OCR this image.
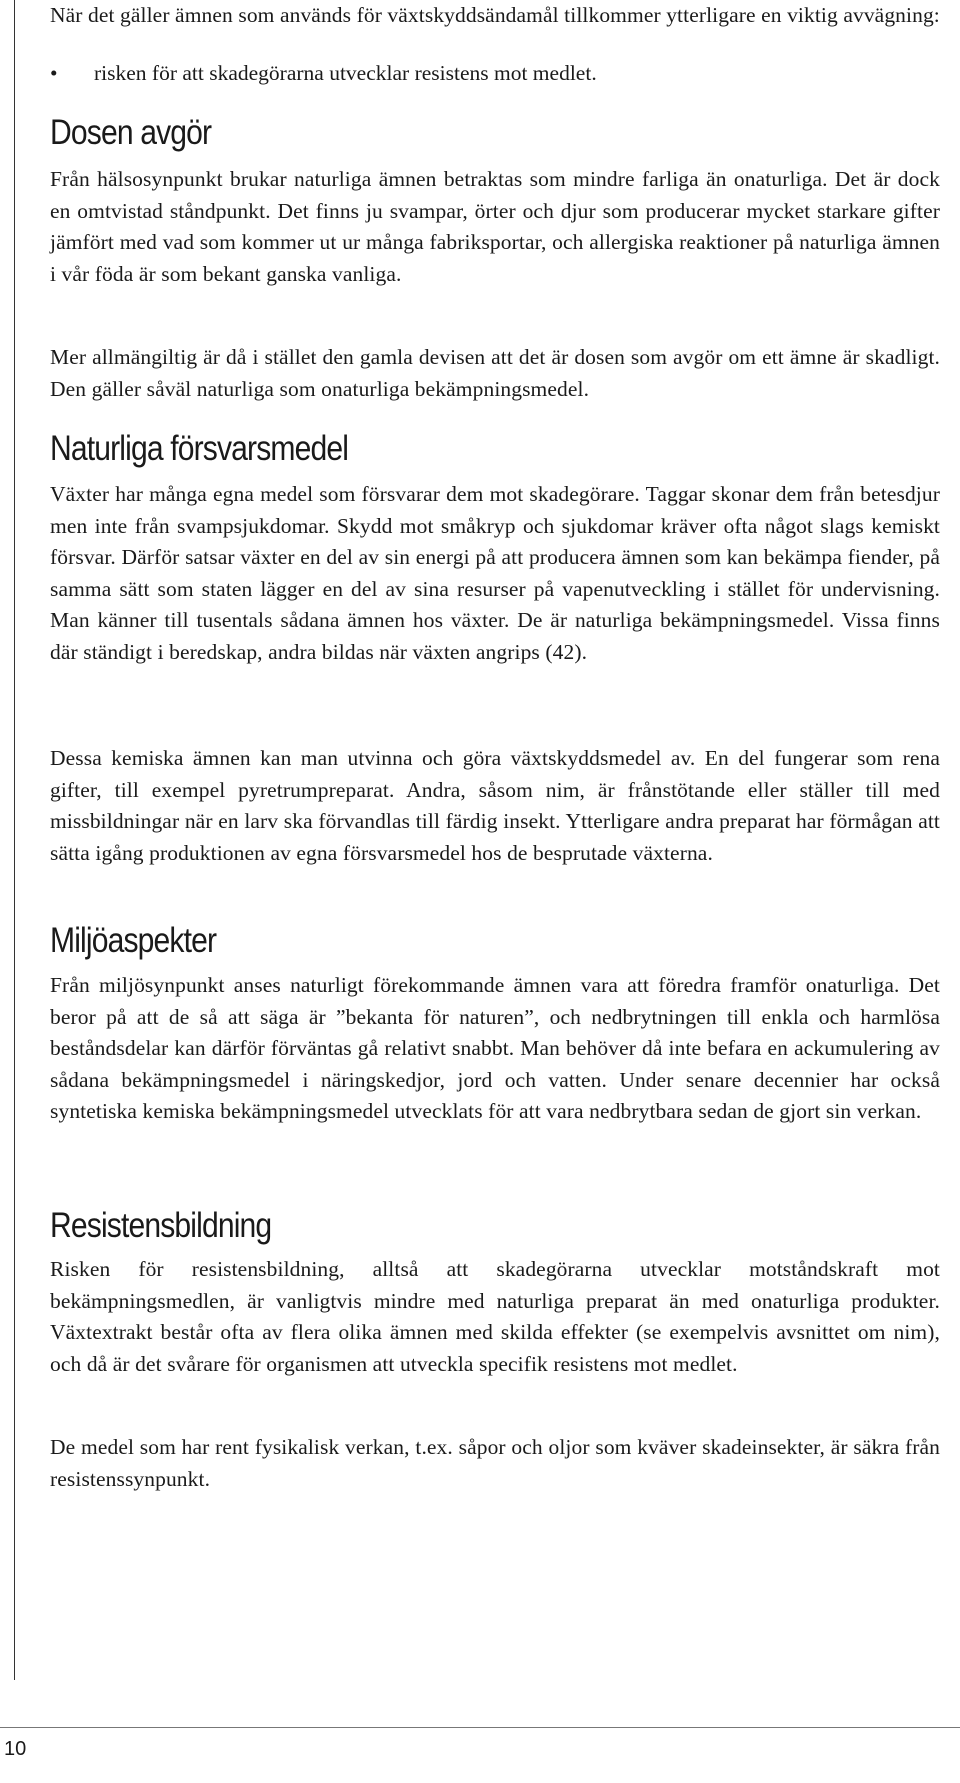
När det gäller ämnen som används för växtskyddsändamål tillkommer ytterligare en viktig avvägning:

•	risken för att skadegörarna utvecklar resistens mot medlet.
Dosen avgör

Från hälsosynpunkt brukar naturliga ämnen betraktas som mindre farliga än onaturliga. Det är dock en omtvistad ståndpunkt. Det finns ju svampar, örter och djur som producerar mycket starkare gifter jämfört med vad som kommer ut ur många fabriksportar, och allergiska reaktioner på naturliga ämnen i vår föda är som bekant ganska vanliga.

Mer allmängiltig är då i stället den gamla devisen att det är dosen som avgör om ett ämne är skadligt. Den gäller såväl naturliga som onaturliga bekämpningsmedel.

Naturliga försvarsmedel

Växter har många egna medel som försvarar dem mot skadegörare. Taggar skonar dem från betesdjur men inte från svampsjukdomar. Skydd mot småkryp och sjukdomar kräver ofta något slags kemiskt försvar. Därför satsar växter en del av sin energi på att producera ämnen som kan bekämpa fiender, på samma sätt som staten lägger en del av sina resurser på vapenutveckling i stället för undervisning. Man känner till tusentals sådana ämnen hos växter. De är naturliga bekämpningsmedel. Vissa finns där ständigt i beredskap, andra bildas när växten angrips (42).

Dessa kemiska ämnen kan man utvinna och göra växtskyddsmedel av. En del fungerar som rena gifter, till exempel pyretrumpreparat. Andra, såsom nim, är frånstötande eller ställer till med missbildningar när en larv ska förvandlas till färdig insekt. Ytterligare andra preparat har förmågan att sätta igång produktionen av egna försvarsmedel hos de besprutade växterna.

Miljöaspekter

Från miljösynpunkt anses naturligt förekommande ämnen vara att föredra framför onaturliga. Det beror på att de så att säga är ”bekanta för naturen”, och nedbrytningen till enkla och harmlösa beståndsdelar kan därför förväntas gå relativt snabbt. Man behöver då inte befara en ackumulering av sådana bekämpningsmedel i näringskedjor, jord och vatten. Under senare decennier har också syntetiska kemiska bekämpningsmedel utvecklats för att vara nedbrytbara sedan de gjort sin verkan.

Resistensbildning

Risken för resistensbildning, alltså att skadegörarna utvecklar motståndskraft mot bekämpningsmedlen, är vanligtvis mindre med naturliga preparat än med onaturliga produkter. Växtextrakt består ofta av flera olika ämnen med skilda effekter (se exempelvis avsnittet om nim), och då är det svårare för organismen att utveckla specifik resistens mot medlet.

De medel som har rent fysikalisk verkan, t.ex. såpor och oljor som kväver skadeinsekter, är säkra från resistenssynpunkt.

10
